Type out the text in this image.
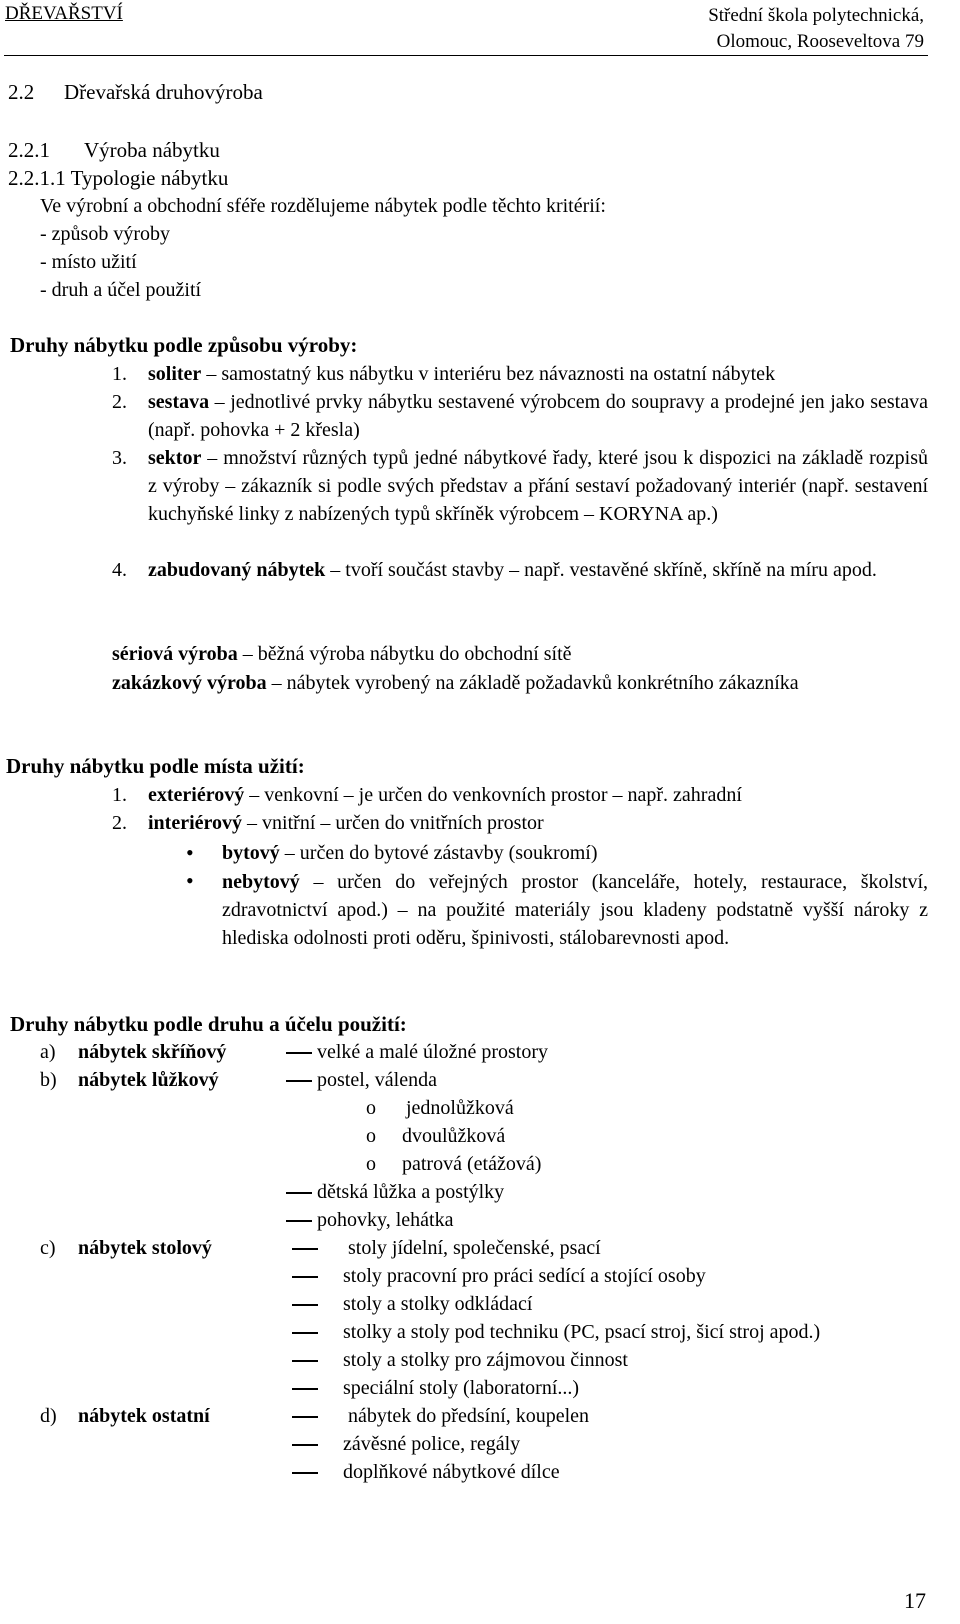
DŘEVAŘSTVÍ	Střední škola polytechnická,
Olomouc, Rooseveltova 79
2.2 Dřevařská druhovýroba
2.2.1 Výroba nábytku
2.2.1.1 Typologie nábytku
Ve výrobní a obchodní sféře rozdělujeme nábytek podle těchto kritérií:
- způsob výroby
- místo užití
- druh a účel použití
Druhy nábytku podle způsobu výroby:
1. soliter – samostatný kus nábytku v interiéru bez návaznosti na ostatní nábytek
2. sestava – jednotlivé prvky nábytku sestavené výrobcem do soupravy a prodejné jen jako sestava (např. pohovka + 2 křesla)
3. sektor – množství různých typů jedné nábytkové řady, které jsou k dispozici na základě rozpisů z výroby – zákazník si podle svých představ a přání sestaví požadovaný interiér (např. sestavení kuchyňské linky z nabízených typů skříněk výrobcem – KORYNA ap.)
4. zabudovaný nábytek – tvoří součást stavby – např. vestavěné skříně, skříně na míru apod.
sériová výroba – běžná výroba nábytku do obchodní sítě
zakázkový výroba – nábytek vyrobený na základě požadavků konkrétního zákazníka
Druhy nábytku podle místa užití:
1. exteriérový – venkovní – je určen do venkovních prostor – např. zahradní
2. interiérový – vnitřní – určen do vnitřních prostor
• bytový – určen do bytové zástavby (soukromí)
• nebytový – určen do veřejných prostor (kanceláře, hotely, restaurace, školství, zdravotnictví apod.) – na použité materiály jsou kladeny podstatně vyšší nároky z hlediska odolnosti proti oděru, špinivosti, stálobarevnosti apod.
Druhy nábytku podle druhu a účelu použití:
a) nábytek skříňový	velké a malé úložné prostory
b) nábytek lůžkový	postel, válenda
o jednolůžková
o dvoulůžková
o patrová (etážová)
dětská lůžka a postýlky
pohovky, lehátka
c) nábytek stolový	stoly jídelní, společenské, psací
stoly pracovní pro práci sedící a stojící osoby
stoly a stolky odkládací
stolky a stoly pod techniku (PC, psací stroj, šicí stroj apod.)
stoly a stolky pro zájmovou činnost
speciální stoly (laboratorní...)
d) nábytek ostatní	nábytek do předsíní, koupelen
závěsné police, regály
doplňkové nábytkové dílce
17
